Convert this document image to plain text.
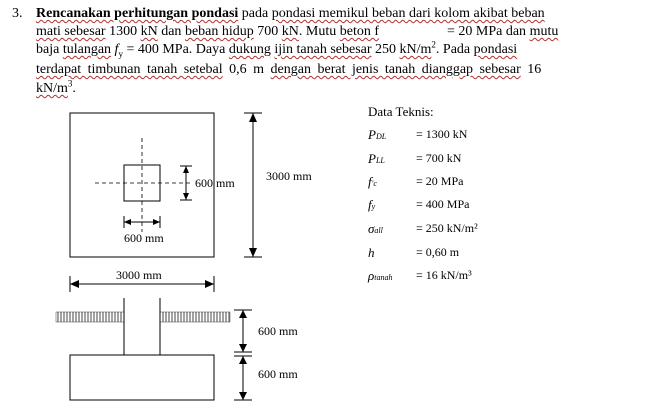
3. Rencanakan perhitungan pondasi pada pondasi memikul beban dari kolom akibat beban
mati sebesar 1300 kN dan beban hidup 700 kN. Mutu beton f	= 20 MPa dan mutu
baja tulangan $f_y = 400$ MPa. Daya dukung ijin tanah sebesar 250 $kN/m^2$. Pada pondasi
terdapat timbunan tanah setebal 0,6 m dengan berat jenis tanah dianggap sebesar 16
$kN/m^3$.
600 mm
600 mm
3000 mm
3000 mm
600 mm
600 mm
Data Teknis:
PDL = 1300 kN
PLL	= 700 kN
f'c	= 20 MPa
fy	= 400 MPa
σall	= 250 kN/m²
h	= 0,60 m
ρtanah = 16 kN/m³
